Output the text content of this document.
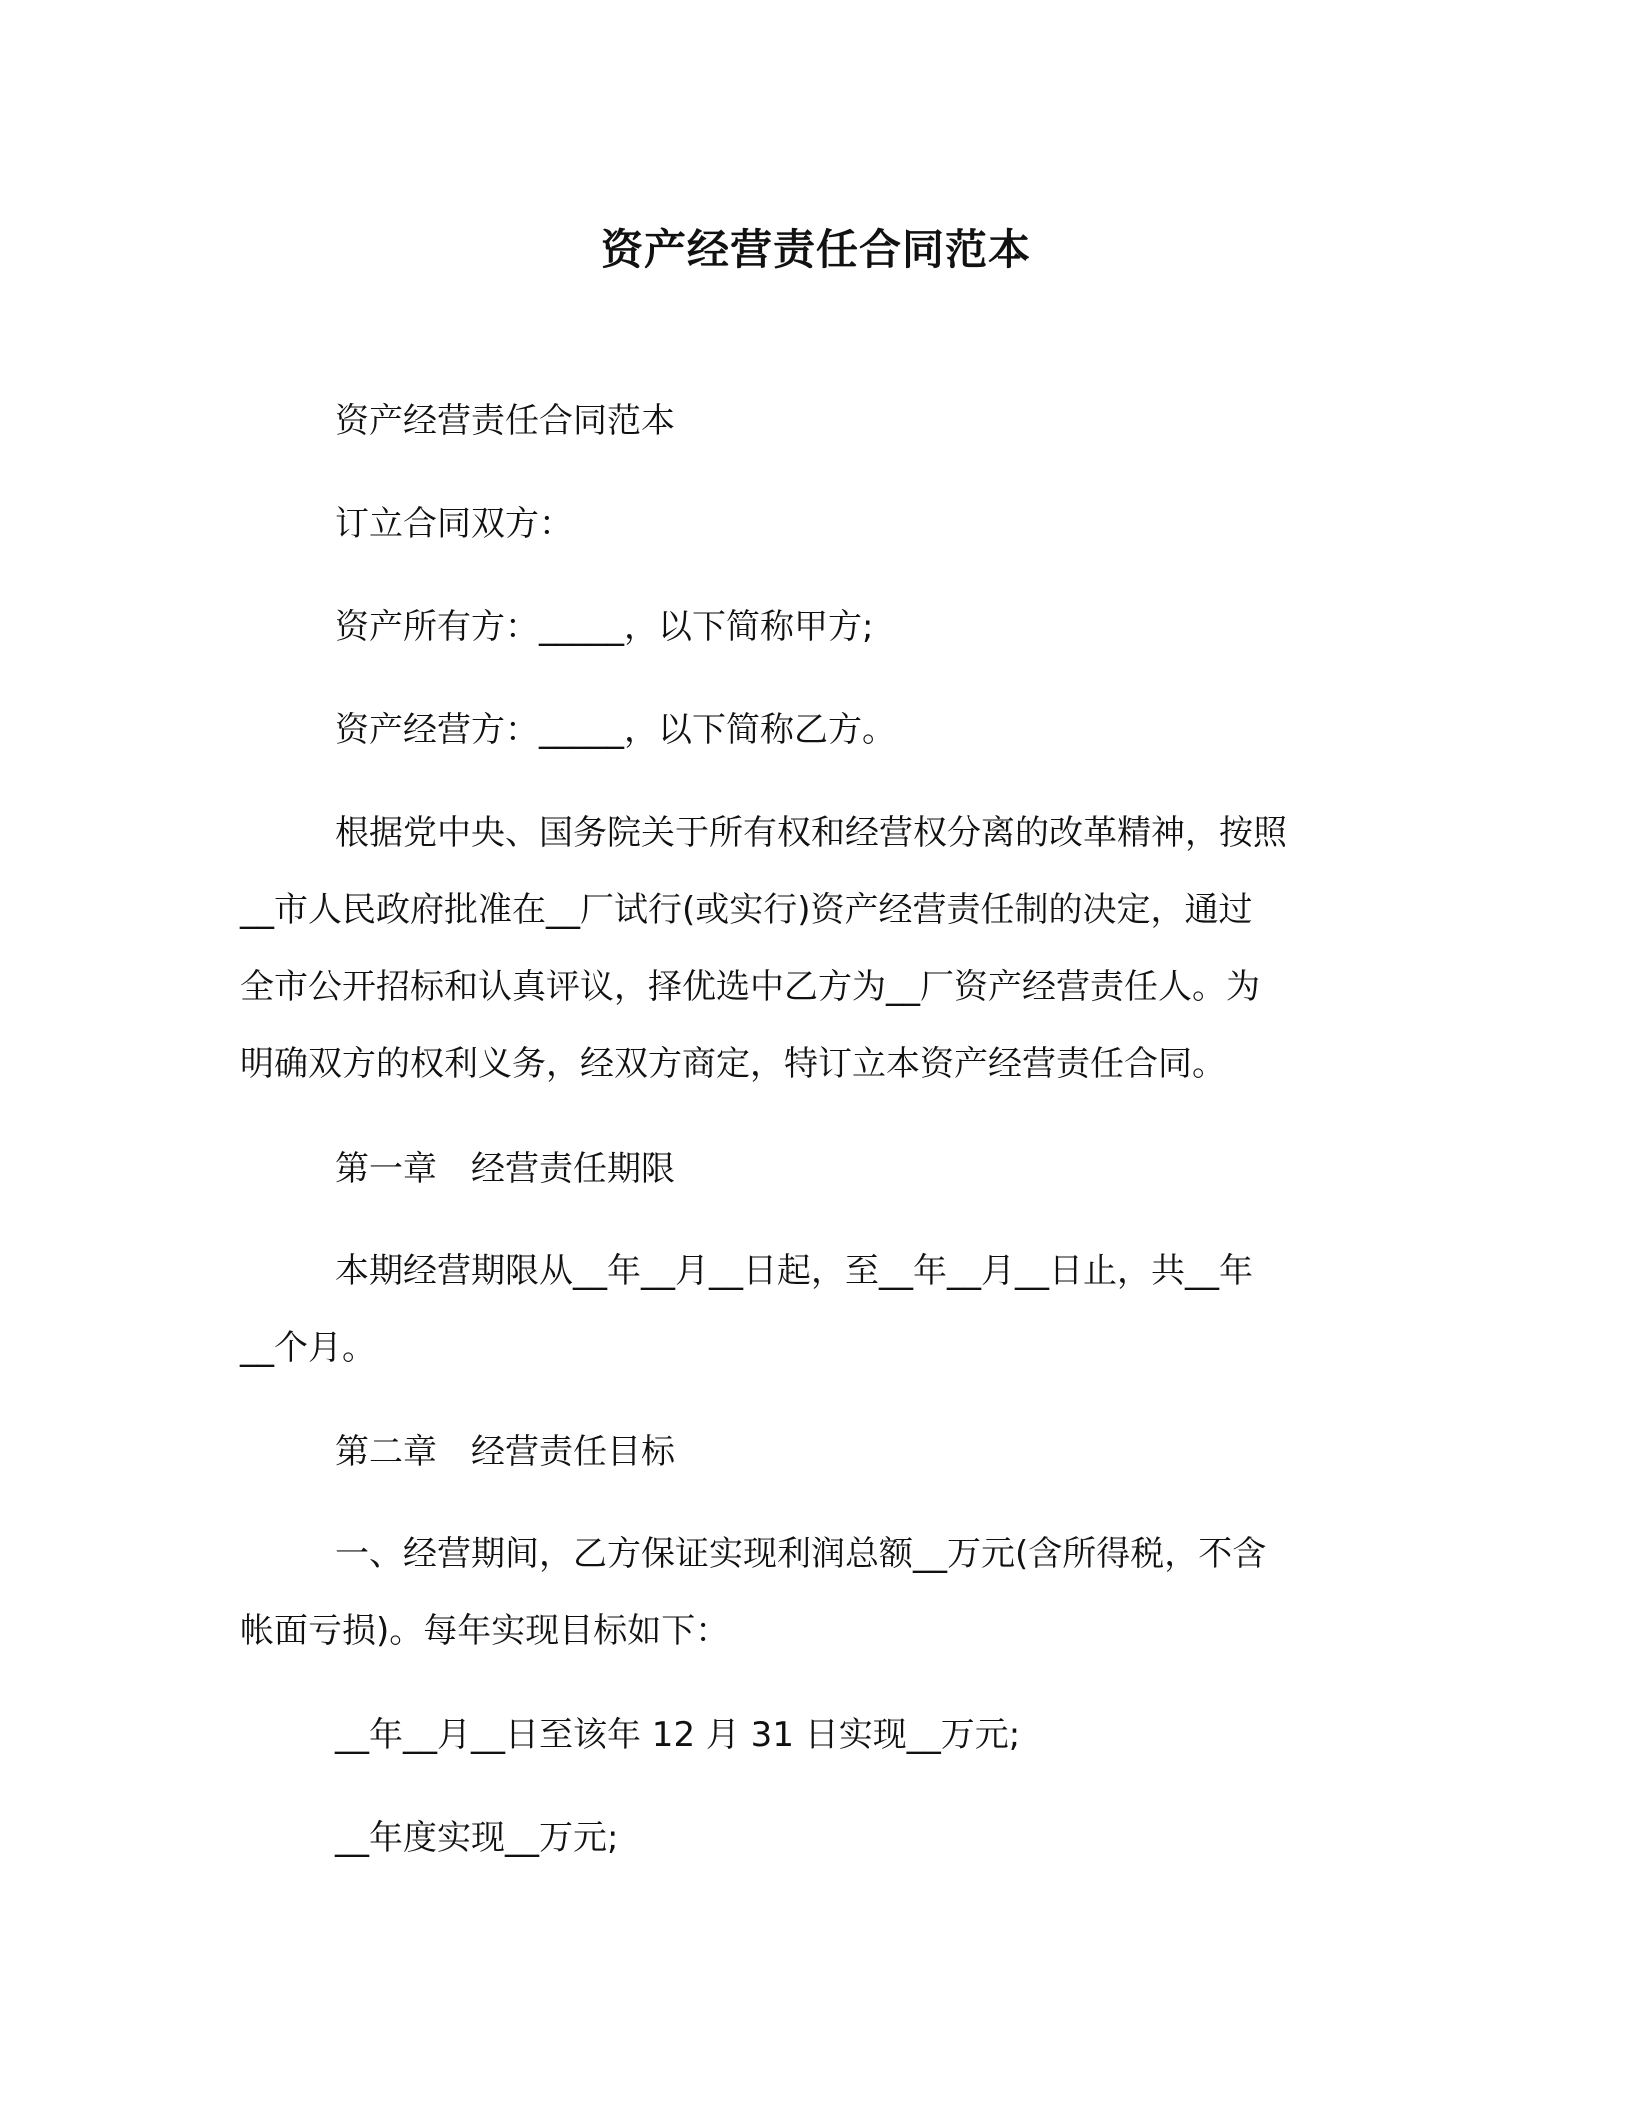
资产经营责任合同范本

资产经营责任合同范本

订立合同双方：

资产所有方：_____，以下简称甲方;

资产经营方：_____，以下简称乙方。

根据党中央、国务院关于所有权和经营权分离的改革精神，按照
__市人民政府批准在__厂试行(或实行)资产经营责任制的决定，通过
全市公开招标和认真评议，择优选中乙方为__厂资产经营责任人。为
明确双方的权利义务，经双方商定，特订立本资产经营责任合同。

第一章　经营责任期限

本期经营期限从__年__月__日起，至__年__月__日止，共__年
__个月。

第二章　经营责任目标

一、经营期间，乙方保证实现利润总额__万元(含所得税，不含
帐面亏损)。每年实现目标如下：

__年__月__日至该年 12 月 31 日实现__万元;

__年度实现__万元;
